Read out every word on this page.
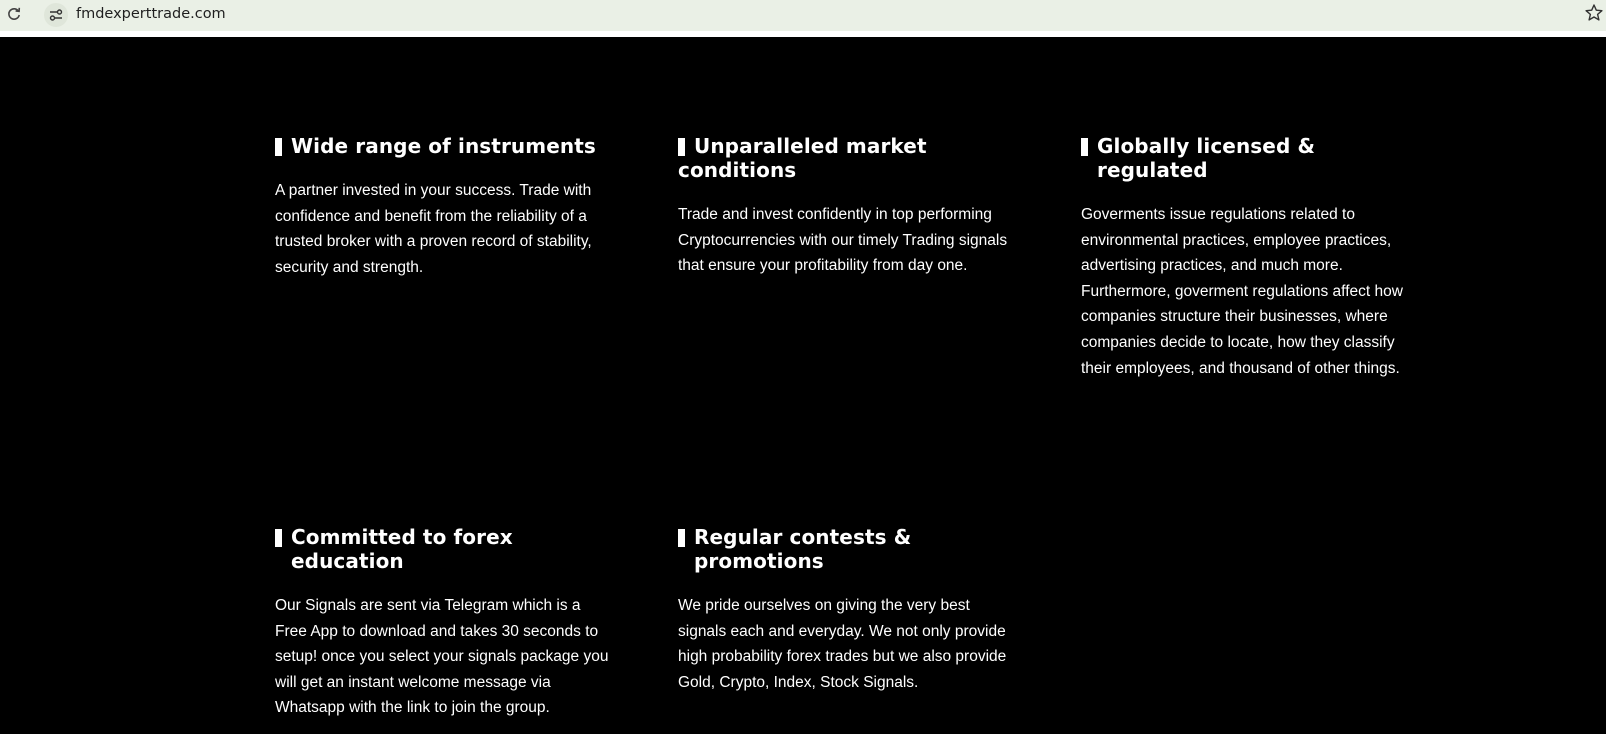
fmdexperttrade.com
Wide range of instruments

A partner invested in your success. Trade with confidence and benefit from the reliability of a trusted broker with a proven record of stability, security and strength.

Unparalleled market conditions

Trade and invest confidently in top performing Cryptocurrencies with our timely Trading signals that ensure your profitability from day one.

Globally licensed & regulated

Goverments issue regulations related to environmental practices, employee practices, advertising practices, and much more. Furthermore, goverment regulations affect how companies structure their businesses, where companies decide to locate, how they classify their employees, and thousand of other things.

Committed to forex education

Our Signals are sent via Telegram which is a Free App to download and takes 30 seconds to setup! once you select your signals package you will get an instant welcome message via Whatsapp with the link to join the group.

Regular contests & promotions

We pride ourselves on giving the very best signals each and everyday. We not only provide high probability forex trades but we also provide Gold, Crypto, Index, Stock Signals.
